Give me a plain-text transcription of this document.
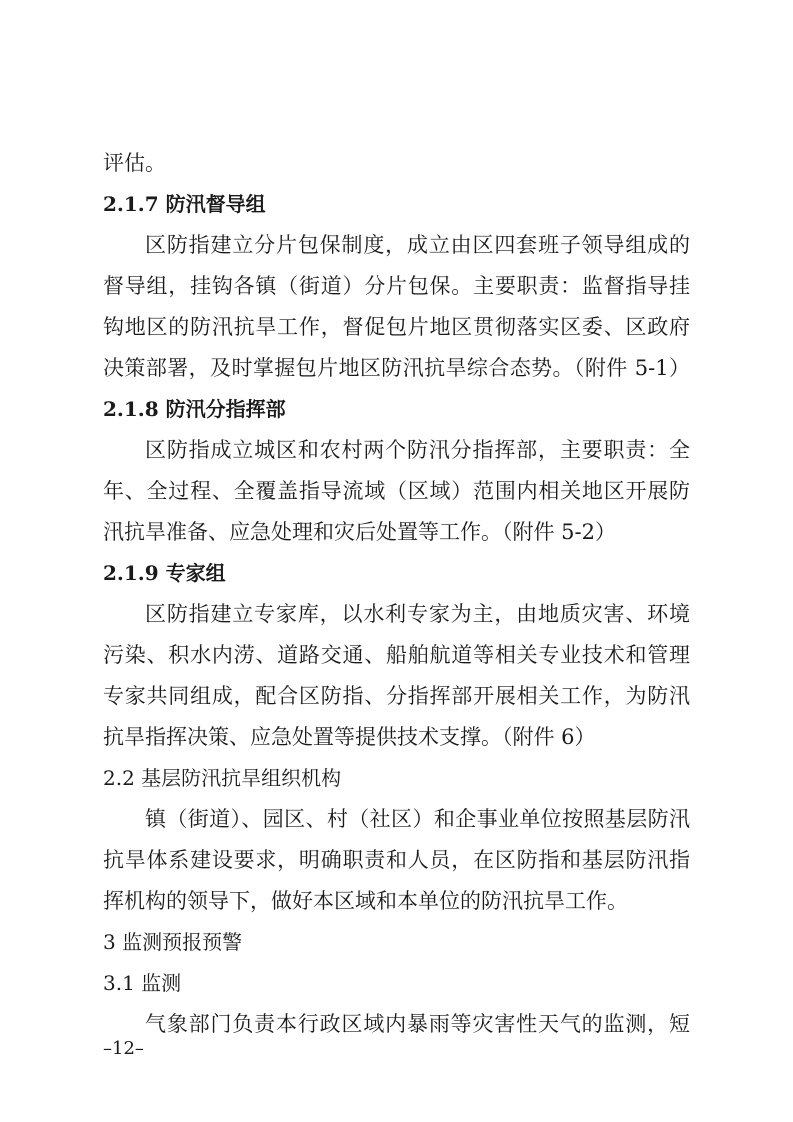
评估。
2.1.7 防汛督导组
区防指建立分片包保制度，成立由区四套班子领导组成的
督导组，挂钩各镇（街道）分片包保。主要职责：监督指导挂
钩地区的防汛抗旱工作，督促包片地区贯彻落实区委、区政府
决策部署，及时掌握包片地区防汛抗旱综合态势。（附件 5-1）
2.1.8 防汛分指挥部
区防指成立城区和农村两个防汛分指挥部，主要职责：全
年、全过程、全覆盖指导流域（区域）范围内相关地区开展防
汛抗旱准备、应急处理和灾后处置等工作。（附件 5-2）
2.1.9 专家组
区防指建立专家库，以水利专家为主，由地质灾害、环境
污染、积水内涝、道路交通、船舶航道等相关专业技术和管理
专家共同组成，配合区防指、分指挥部开展相关工作，为防汛
抗旱指挥决策、应急处置等提供技术支撑。（附件 6）
2.2 基层防汛抗旱组织机构
镇（街道）、园区、村（社区）和企事业单位按照基层防汛
抗旱体系建设要求，明确职责和人员，在区防指和基层防汛指
挥机构的领导下，做好本区域和本单位的防汛抗旱工作。
3 监测预报预警
3.1 监测
气象部门负责本行政区域内暴雨等灾害性天气的监测，短
–12–
